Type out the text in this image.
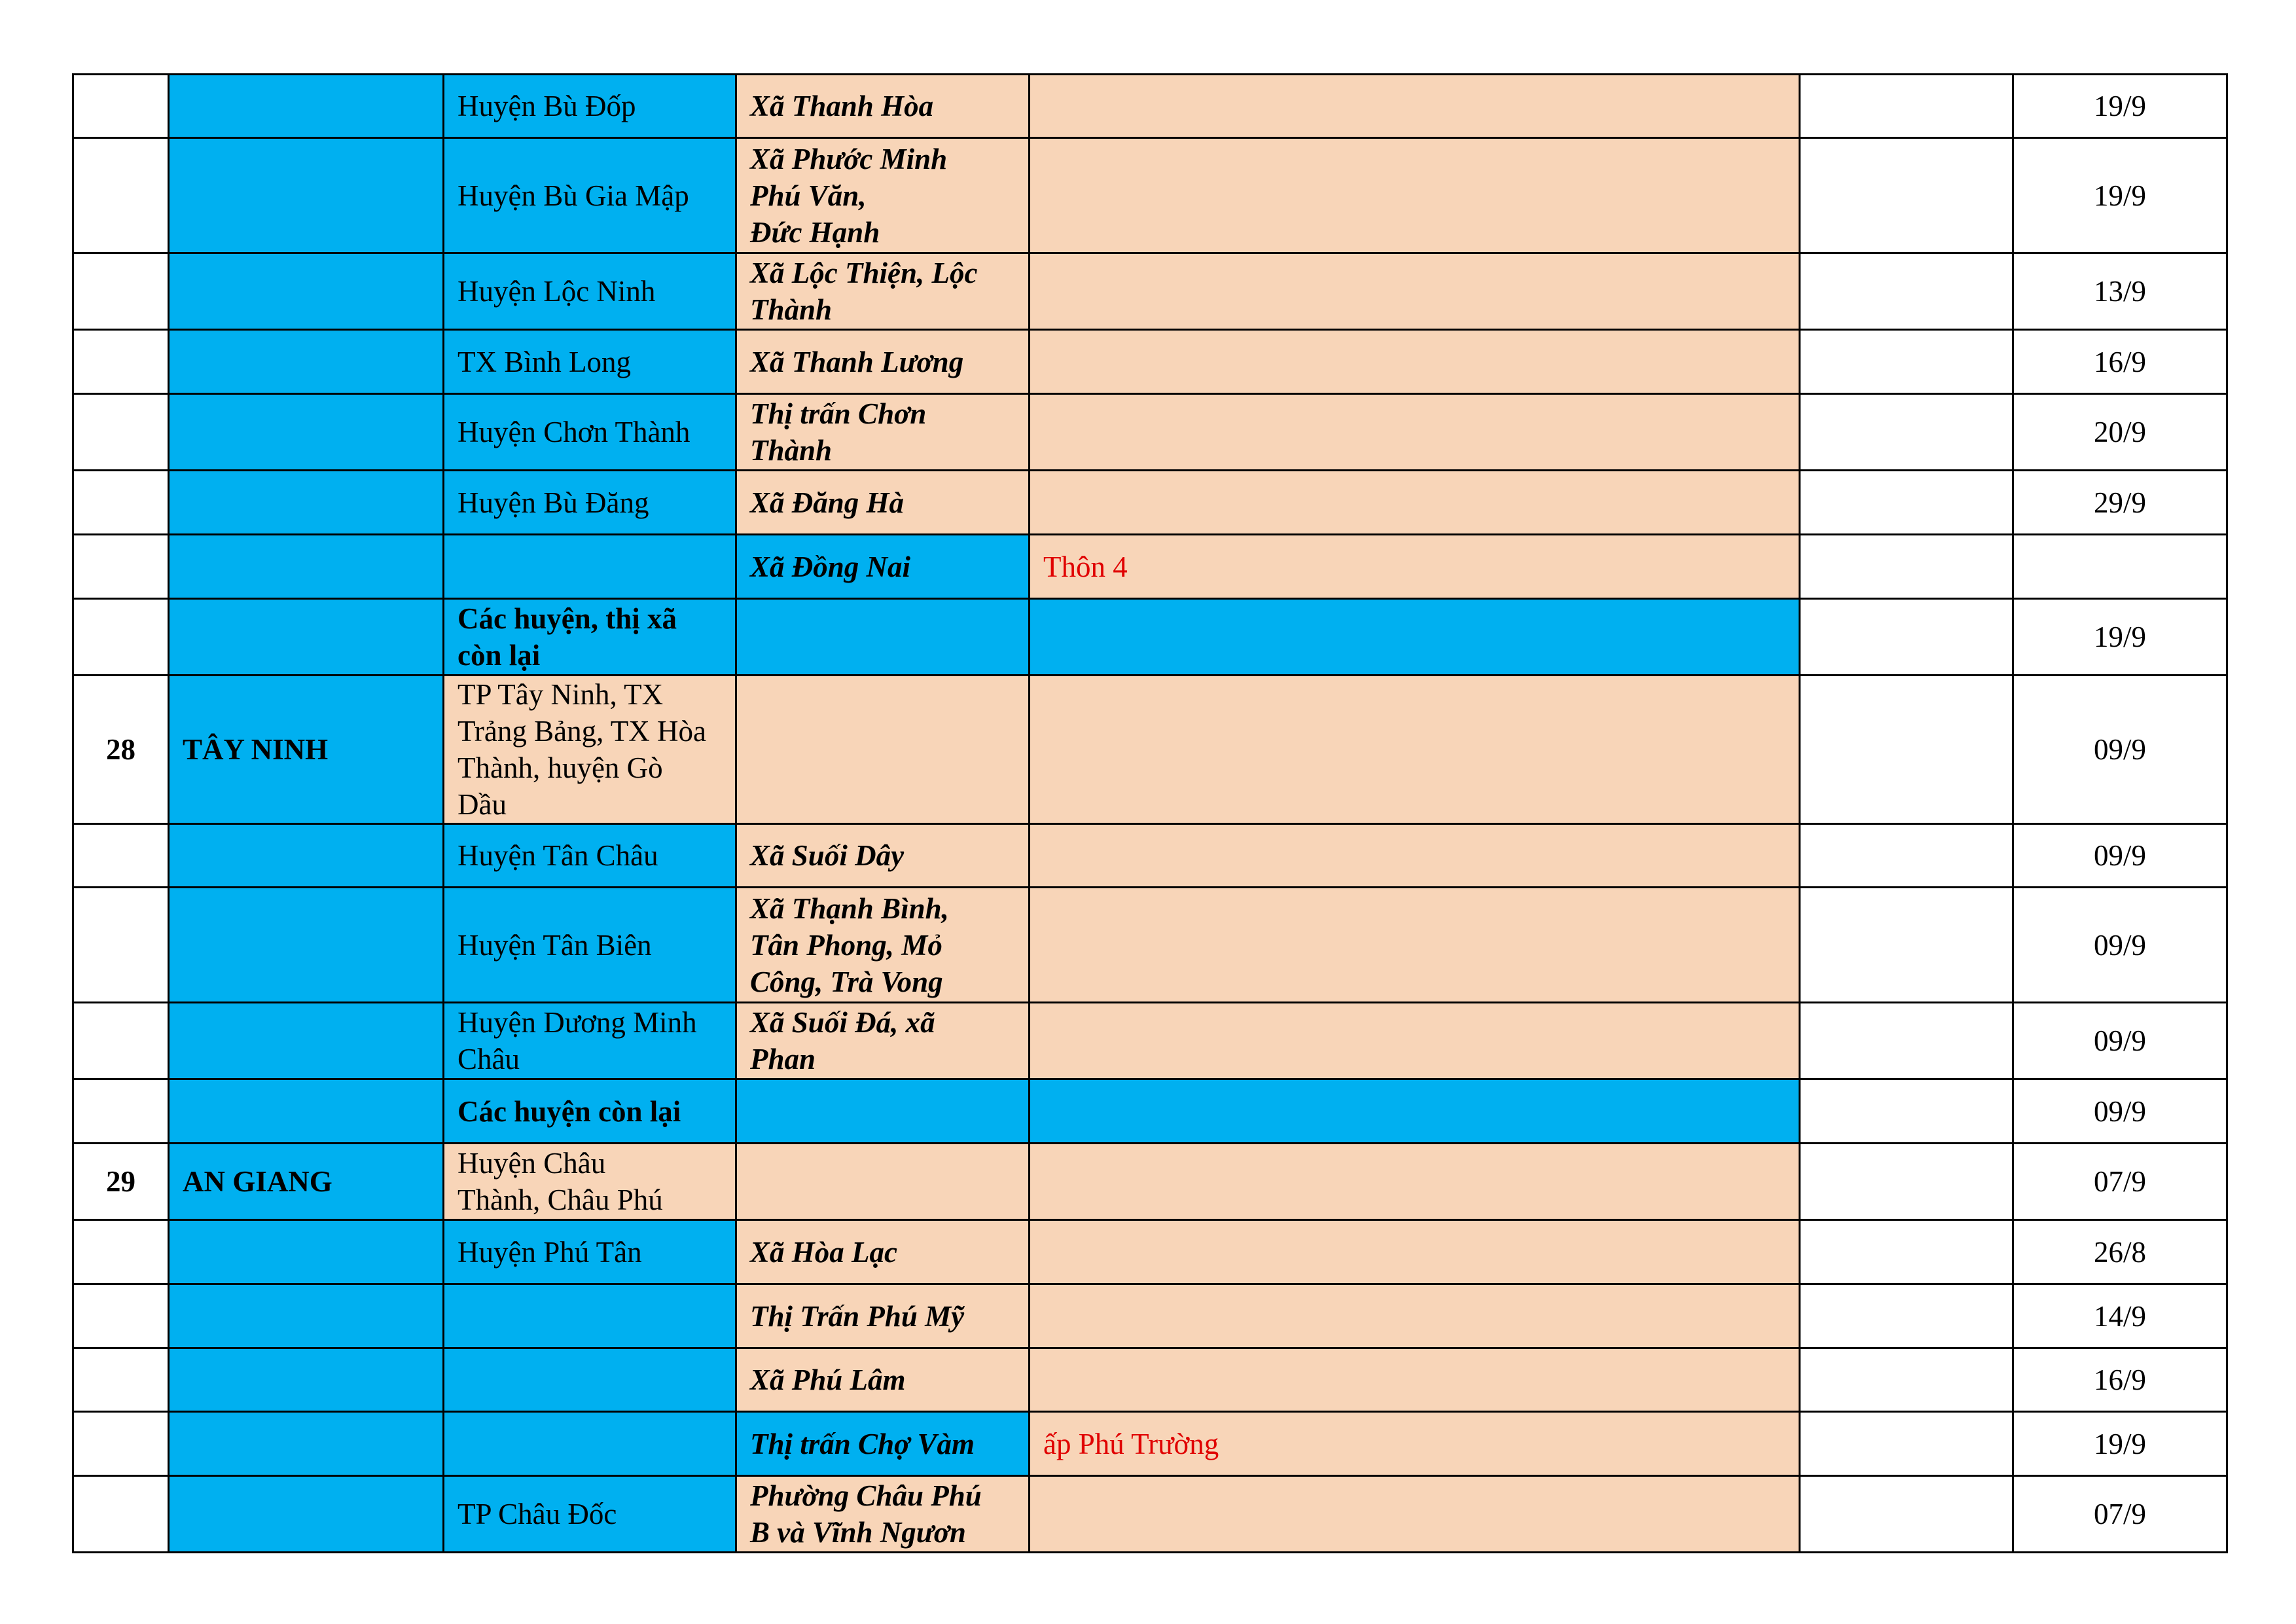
		Huyện Bù Đốp	Xã Thanh Hòa			19/9
		Huyện Bù Gia Mập	Xã Phước Minh
Phú Văn,
Đức Hạnh			19/9
		Huyện Lộc Ninh	Xã Lộc Thiện, Lộc
Thành			13/9
		TX Bình Long	Xã Thanh Lương			16/9
		Huyện Chơn Thành	Thị trấn Chơn
Thành			20/9
		Huyện Bù Đăng	Xã Đăng Hà			29/9
			Xã Đồng Nai	Thôn 4		
		Các huyện, thị xã
còn lại				19/9
28	TÂY NINH	TP Tây Ninh, TX
Trảng Bảng, TX Hòa
Thành, huyện Gò
Dầu				09/9
		Huyện Tân Châu	Xã Suối Dây			09/9
		Huyện Tân Biên	Xã Thạnh Bình,
Tân Phong, Mỏ
Công, Trà Vong			09/9
		Huyện Dương Minh
Châu	Xã Suối Đá, xã
Phan			09/9
		Các huyện còn lại				09/9
29	AN GIANG	Huyện Châu
Thành, Châu Phú				07/9
		Huyện Phú Tân	Xã Hòa Lạc			26/8
			Thị Trấn Phú Mỹ			14/9
			Xã Phú Lâm			16/9
			Thị trấn Chợ Vàm	ấp Phú Trường		19/9
		TP Châu Đốc	Phường Châu Phú
B và Vĩnh Ngươn			07/9
